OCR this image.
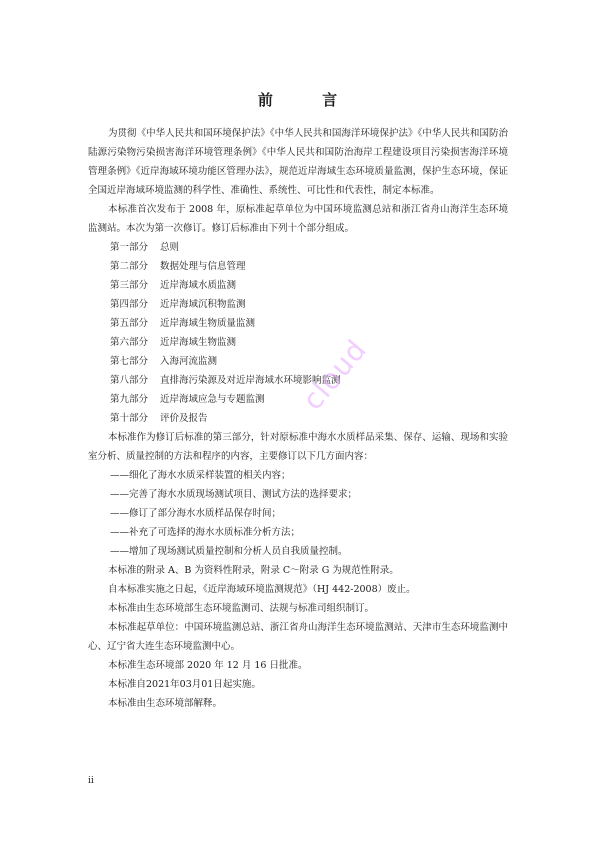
前 言

为贯彻《中华人民共和国环境保护法》《中华人民共和国海洋环境保护法》《中华人民共和国防治陆源污染物污染损害海洋环境管理条例》《中华人民共和国防治海岸工程建设项目污染损害海洋环境管理条例》《近岸海域环境功能区管理办法》，规范近岸海域生态环境质量监测，保护生态环境，保证全国近岸海域环境监测的科学性、准确性、系统性、可比性和代表性，制定本标准。

本标准首次发布于 2008 年，原标准起草单位为中国环境监测总站和浙江省舟山海洋生态环境监测站。本次为第一次修订。修订后标准由下列十个部分组成。

第一部分 总则

第二部分 数据处理与信息管理

第三部分 近岸海域水质监测

第四部分 近岸海域沉积物监测

第五部分 近岸海域生物质量监测

第六部分 近岸海域生物监测

第七部分 入海河流监测

第八部分 直排海污染源及对近岸海域水环境影响监测

第九部分 近岸海域应急与专题监测

第十部分 评价及报告

本标准作为修订后标准的第三部分，针对原标准中海水水质样品采集、保存、运输、现场和实验室分析、质量控制的方法和程序的内容，主要修订以下几方面内容：

——细化了海水水质采样装置的相关内容；

——完善了海水水质现场测试项目、测试方法的选择要求；

——修订了部分海水水质样品保存时间；

——补充了可选择的海水水质标准分析方法；

——增加了现场测试质量控制和分析人员自我质量控制。

本标准的附录 A、B 为资料性附录，附录 C～附录 G 为规范性附录。

自本标准实施之日起，《近岸海域环境监测规范》（HJ 442-2008）废止。

本标准由生态环境部生态环境监测司、法规与标准司组织制订。

本标准起草单位：中国环境监测总站、浙江省舟山海洋生态环境监测站、天津市生态环境监测中心、辽宁省大连生态环境监测中心。

本标准生态环境部 2020 年 12 月 16 日批准。

本标准自2021年03月01日起实施。

本标准由生态环境部解释。

cloud
ii
